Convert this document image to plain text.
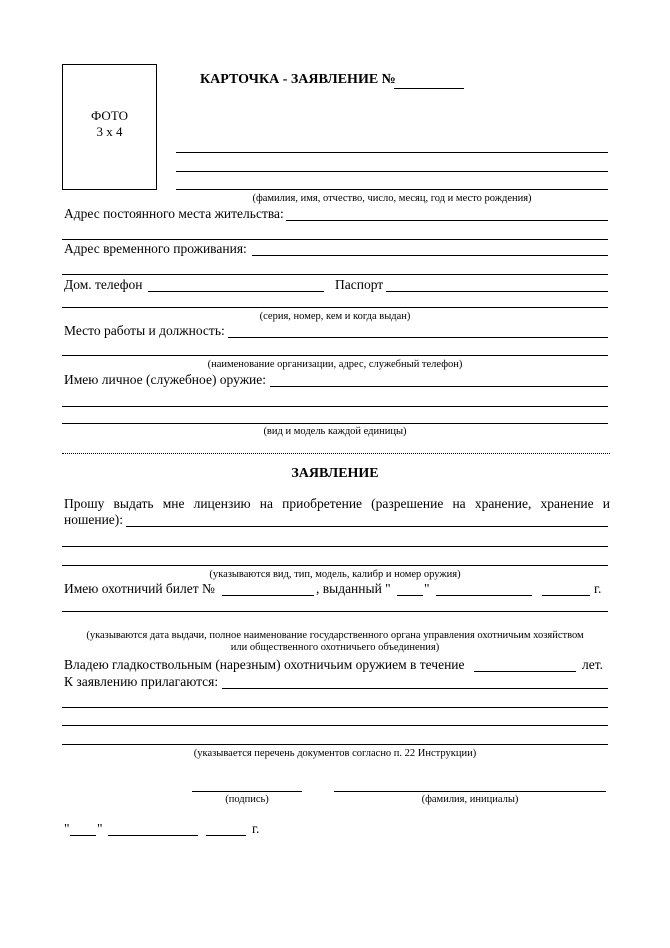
ФОТО
3 х 4
КАРТОЧКА - ЗАЯВЛЕНИЕ №
(фамилия, имя, отчество, число, месяц, год и место рождения)
Адрес постоянного места жительства:
Адрес временного проживания:
Дом. телефон	Паспорт
(серия, номер, кем и когда выдан)
Место работы и должность:
(наименование организации, адрес, служебный телефон)
Имею личное (служебное) оружие:
(вид и модель каждой единицы)
ЗАЯВЛЕНИЕ
Прошу выдать мне лицензию на приобретение (разрешение на хранение, хранение и
ношение):
(указываются вид, тип, модель, калибр и номер оружия)
Имею охотничий билет №	, выданный " "	г.
(указываются дата выдачи, полное наименование государственного органа управления охотничьим хозяйством
или общественного охотничьего объединения)
Владею гладкоствольным (нарезным) охотничьим оружием в течение	лет.
К заявлению прилагаются:
(указывается перечень документов согласно п. 22 Инструкции)
(подпись)	(фамилия, инициалы)
" "	г.
